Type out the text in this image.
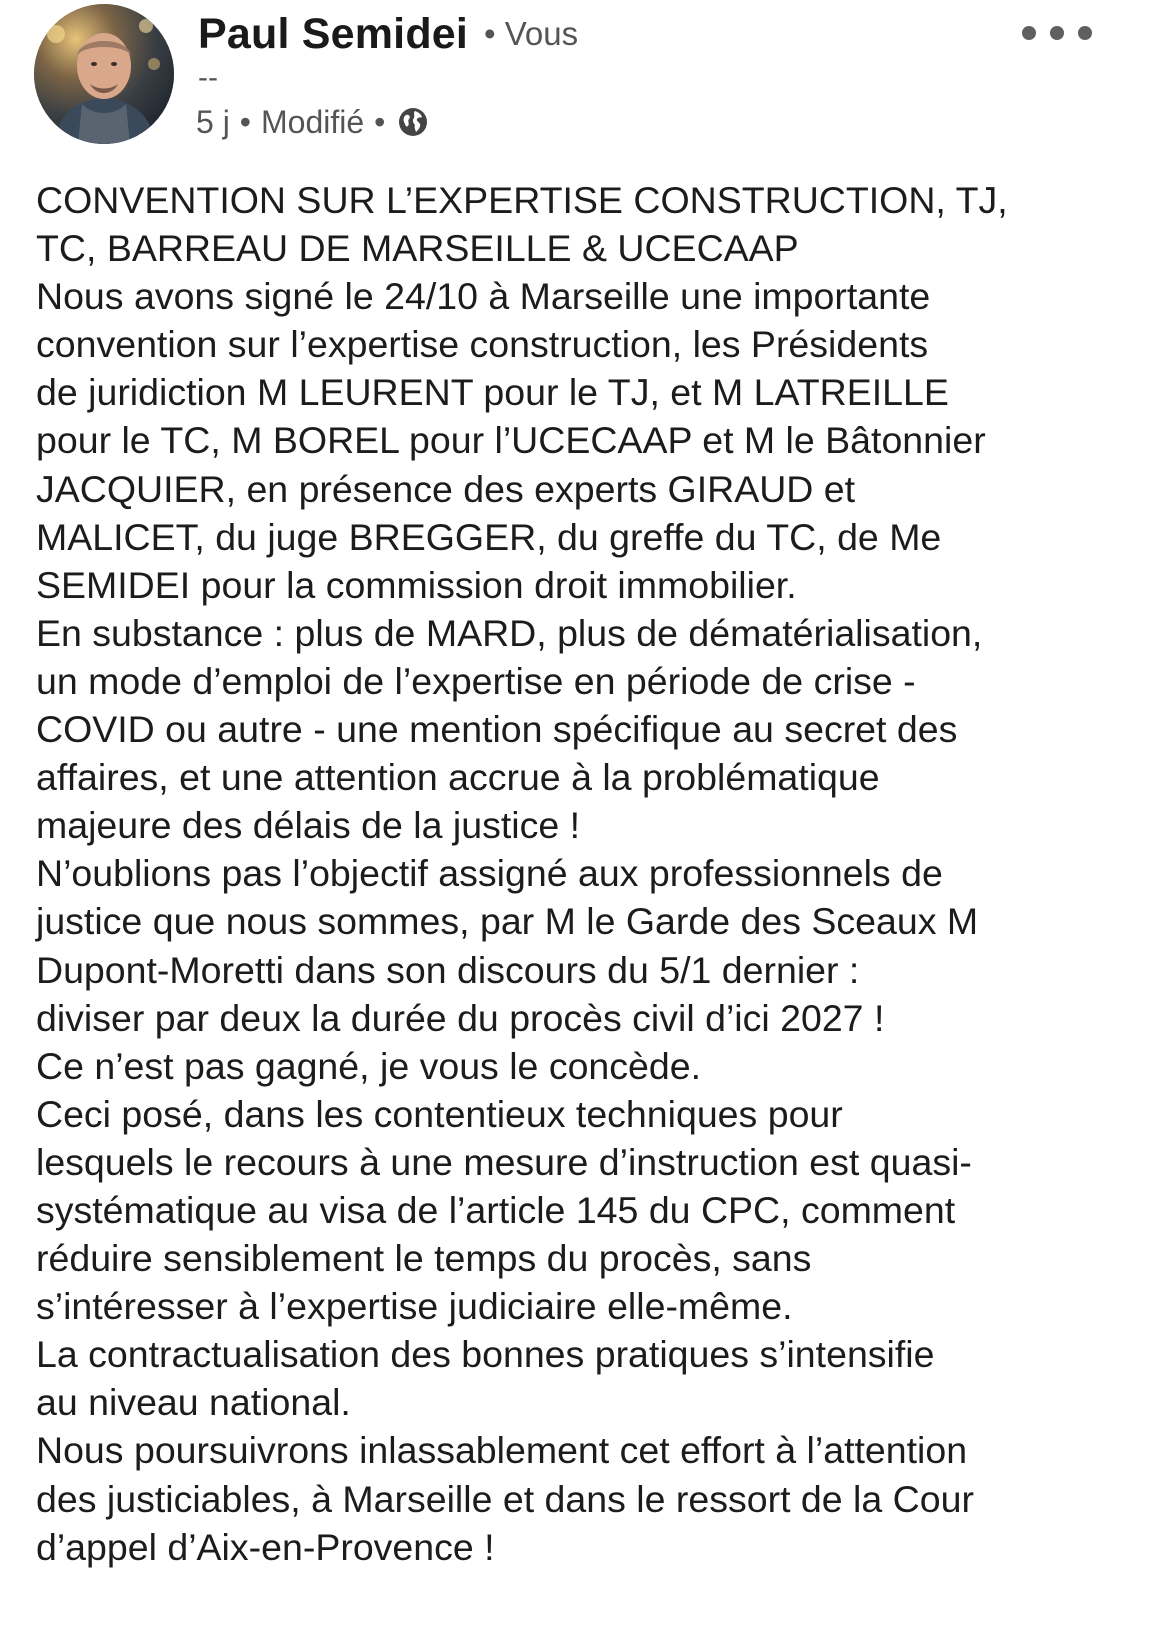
Paul Semidei • Vous
--
5 j • Modifié •
CONVENTION SUR L’EXPERTISE CONSTRUCTION, TJ,
TC, BARREAU DE MARSEILLE & UCECAAP
Nous avons signé le 24/10 à Marseille une importante
convention sur l’expertise construction, les Présidents
de juridiction M LEURENT pour le TJ, et M LATREILLE
pour le TC, M BOREL pour l’UCECAAP et M le Bâtonnier
JACQUIER, en présence des experts GIRAUD et
MALICET, du juge BREGGER, du greffe du TC, de Me
SEMIDEI pour la commission droit immobilier.
En substance : plus de MARD, plus de dématérialisation,
un mode d’emploi de l’expertise en période de crise -
COVID ou autre - une mention spécifique au secret des
affaires, et une attention accrue à la problématique
majeure des délais de la justice !
N’oublions pas l’objectif assigné aux professionnels de
justice que nous sommes, par M le Garde des Sceaux M
Dupont-Moretti dans son discours du 5/1 dernier :
diviser par deux la durée du procès civil d’ici 2027 !
Ce n’est pas gagné, je vous le concède.
Ceci posé, dans les contentieux techniques pour
lesquels le recours à une mesure d’instruction est quasi-
systématique au visa de l’article 145 du CPC, comment
réduire sensiblement le temps du procès, sans
s’intéresser à l’expertise judiciaire elle-même.
La contractualisation des bonnes pratiques s’intensifie
au niveau national.
Nous poursuivrons inlassablement cet effort à l’attention
des justiciables, à Marseille et dans le ressort de la Cour
d’appel d’Aix-en-Provence !
